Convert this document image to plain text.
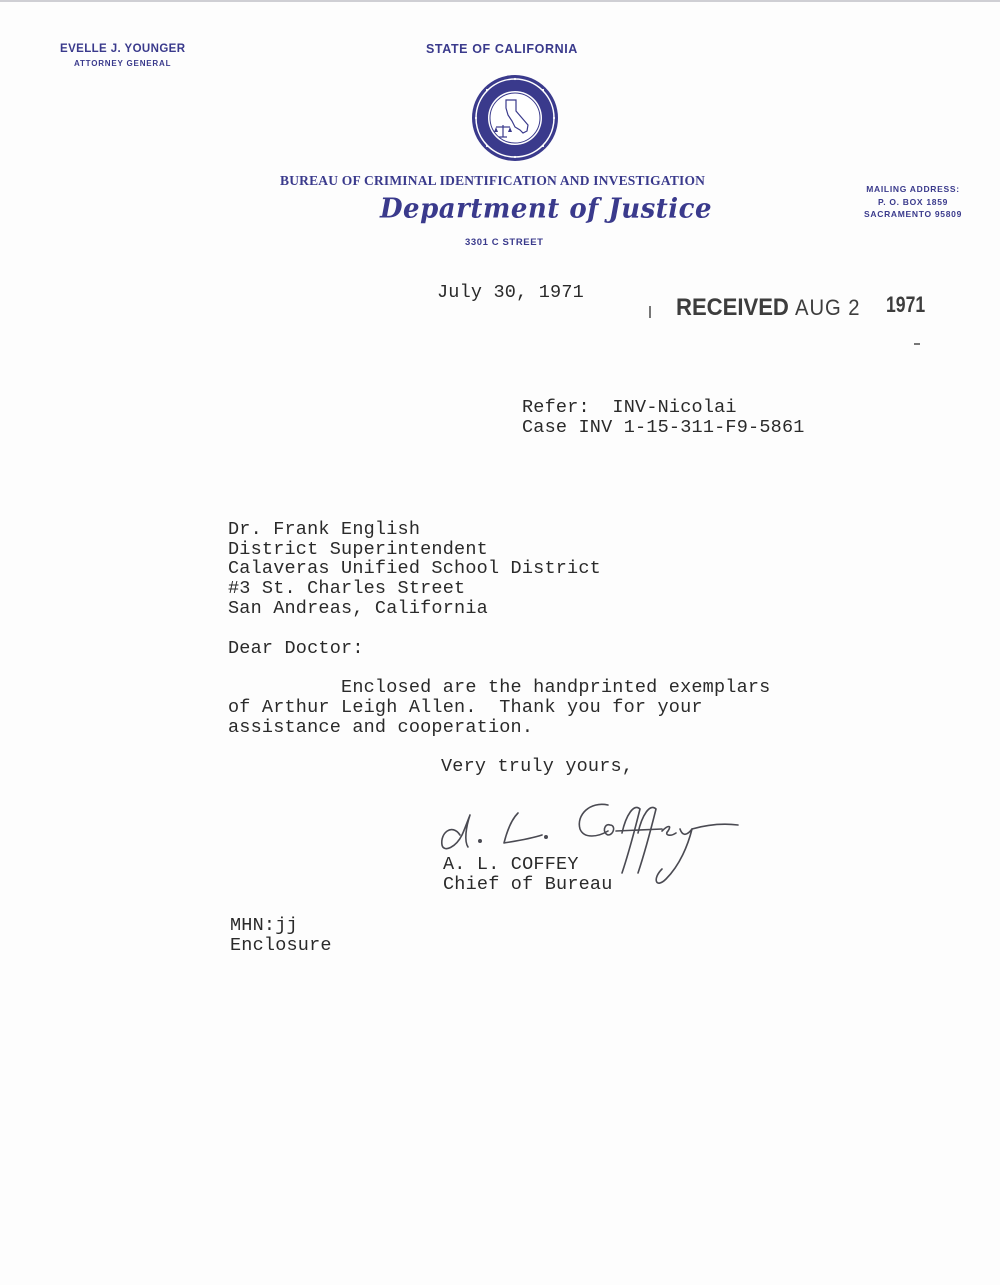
EVELLE J. YOUNGER
ATTORNEY GENERAL
STATE OF CALIFORNIA
BUREAU OF CRIMINAL IDENTIFICATION AND INVESTIGATION
Department of Justice
3301 C STREET
MAILING ADDRESS:
P. O. BOX 1859
SACRAMENTO 95809
July 30, 1971
RECEIVED AUG 2 1971
Refer:  INV-Nicolai
Case INV 1-15-311-F9-5861
Dr. Frank English
District Superintendent
Calaveras Unified School District
#3 St. Charles Street
San Andreas, California
Dear Doctor:
Enclosed are the handprinted exemplars
of Arthur Leigh Allen.  Thank you for your
assistance and cooperation.
Very truly yours,
A. L. COFFEY
Chief of Bureau
MHN:jj
Enclosure
